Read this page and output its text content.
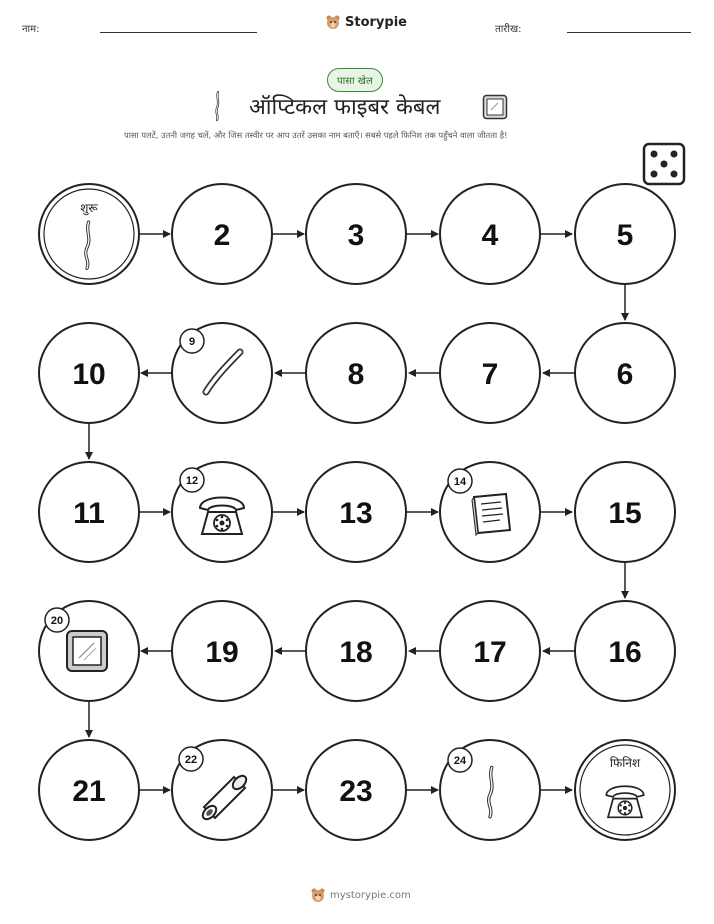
नाम:	Storypie	तारीख:
पासा खेल
ऑप्टिकल फाइबर केबल
पासा पलटें, उतनी जगह चलें, और जिस तस्वीर पर आप उतरें उसका नाम बताएँ। सबसे पहले फिनिश तक पहुँचने वाला जीतता है!
शुरू
2	3	4	5
6
7
8
9
10
11
12
13
14
15
16
17
18
19
20
21
22
23
24	फिनिश
mystorypie.com
